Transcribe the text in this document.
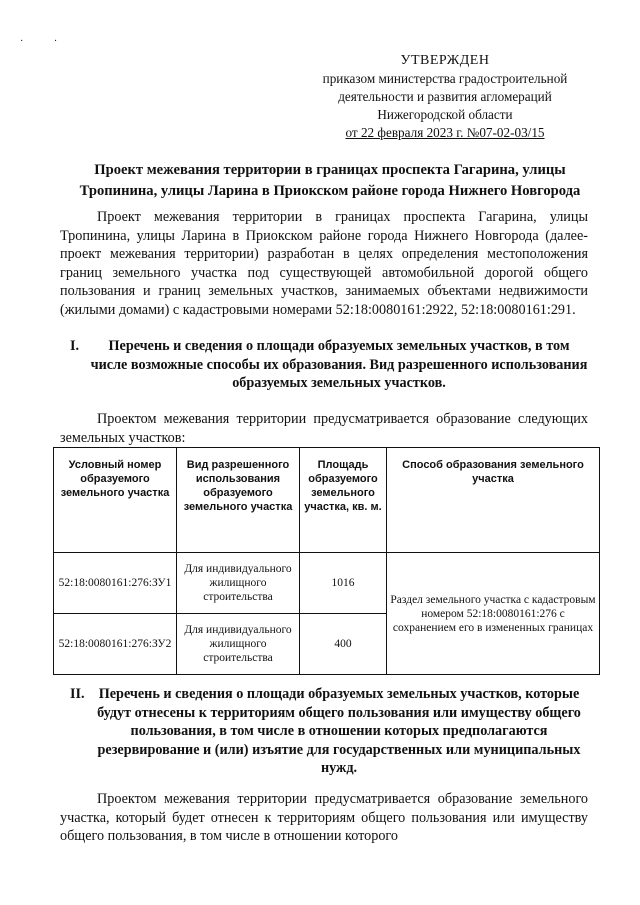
· ·
УТВЕРЖДЕН
приказом министерства градостроительной
деятельности и развития агломераций
Нижегородской области
от 22 февраля 2023 г. №07-02-03/15
Проект межевания территории в границах проспекта Гагарина, улицы Тропинина, улицы Ларина в Приокском районе города Нижнего Новгорода
Проект межевания территории в границах проспекта Гагарина, улицы Тропинина, улицы Ларина в Приокском районе города Нижнего Новгорода (далее-проект межевания территории) разработан в целях определения местоположения границ земельного участка под существующей автомобильной дорогой общего пользования и границ земельных участков, занимаемых объектами недвижимости (жилыми домами) с кадастровыми номерами 52:18:0080161:2922, 52:18:0080161:291.
I.	Перечень и сведения о площади образуемых земельных участков, в том числе возможные способы их образования. Вид разрешенного использования образуемых земельных участков.
Проектом межевания территории предусматривается образование следующих земельных участков:
Условный номер образуемого земельного участка	Вид разрешенного использования образуемого земельного участка	Площадь образуемого земельного участка, кв. м.	Способ образования земельного участка
52:18:0080161:276:ЗУ1	Для индивидуального жилищного строительства	1016	Раздел земельного участка с кадастровым номером 52:18:0080161:276 с сохранением его в измененных границах
52:18:0080161:276:ЗУ2	Для индивидуального жилищного строительства	400	
II. Перечень и сведения о площади образуемых земельных участков, которые будут отнесены к территориям общего пользования или имуществу общего пользования, в том числе в отношении которых предполагаются резервирование и (или) изъятие для государственных или муниципальных нужд.
Проектом межевания территории предусматривается образование земельного участка, который будет отнесен к территориям общего пользования или имуществу общего пользования, в том числе в отношении которого
